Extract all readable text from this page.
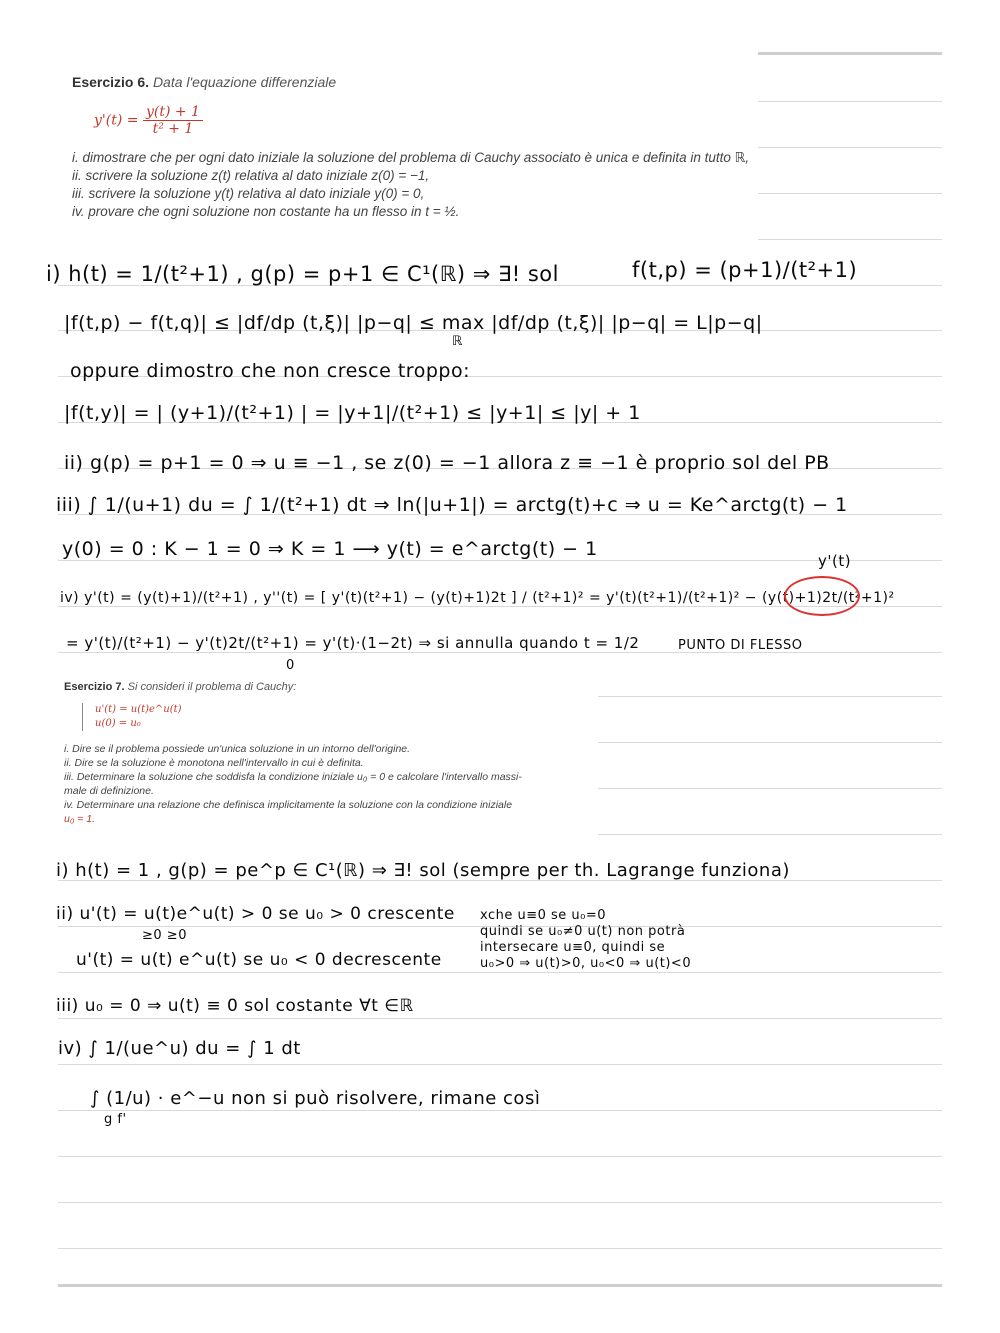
Esercizio 6. Data l'equazione differenziale
$y'(t) = \frac{y(t) + 1}{\text{t² + 1}}$

i. dimostrare che per ogni dato iniziale la soluzione del problema di Cauchy associato è unica e definita in tutto ℝ,

ii. scrivere la soluzione z(t) relativa al dato iniziale z(0) = −1,

iii. scrivere la soluzione y(t) relativa al dato iniziale y(0) = 0,

iv. provare che ogni soluzione non costante ha un flesso in t = ½.

i) h(t) = 1/(t²+1) , g(p) = p+1 ∈ C¹(ℝ) ⇒ ∃! sol	f(t,p) = (p+1)/(t²+1)
|f(t,p) − f(t,q)| ≤ |df/dp (t,ξ)| |p−q| ≤ max |df/dp (t,ξ)| |p−q| = L|p−q|
ℝ
oppure dimostro che non cresce troppo:
|f(t,y)| = | (y+1)/(t²+1) | = |y+1|/(t²+1) ≤ |y+1| ≤ |y| + 1
ii) g(p) = p+1 = 0 ⇒ u ≡ −1 , se z(0) = −1 allora z ≡ −1 è proprio sol del PB
iii) ∫ 1/(u+1) du = ∫ 1/(t²+1) dt ⇒ ln(|u+1|) = arctg(t)+c ⇒ u = Ke^arctg(t) − 1
y(0) = 0 : K − 1 = 0 ⇒ K = 1 ⟶ y(t) = e^arctg(t) − 1
y'(t)
iv) y'(t) = (y(t)+1)/(t²+1) , y''(t) = [ y'(t)(t²+1) − (y(t)+1)2t ] / (t²+1)² = y'(t)(t²+1)/(t²+1)² − (y(t)+1)2t/(t²+1)²
= y'(t)/(t²+1) − y'(t)2t/(t²+1) = y'(t)·(1−2t) ⇒ si annulla quando t = 1/2	PUNTO DI FLESSO
0
Esercizio 7. Si consideri il problema di Cauchy:
u'(t) = u(t)e^u(t)
u(0) = u₀

i. Dire se il problema possiede un'unica soluzione in un intorno dell'origine.

ii. Dire se la soluzione è monotona nell'intervallo in cui è definita.

iii. Determinare la soluzione che soddisfa la condizione iniziale u₀ = 0 e calcolare l'intervallo massi-

male di definizione.

iv. Determinare una relazione che definisca implicitamente la soluzione con la condizione iniziale

u₀ = 1.

i) h(t) = 1 , g(p) = pe^p ∈ C¹(ℝ) ⇒ ∃! sol (sempre per th. Lagrange funziona)
ii) u'(t) = u(t)e^u(t) > 0 se u₀ > 0 crescente
≥0 ≥0
u'(t) = u(t) e^u(t) se u₀ < 0 decrescente
xche u≡0 se u₀=0
quindi se u₀≠0 u(t) non potrà
intersecare u≡0, quindi se
u₀>0 ⇒ u(t)>0, u₀<0 ⇒ u(t)<0
iii) u₀ = 0 ⇒ u(t) ≡ 0 sol costante ∀t ∈ℝ
iv) ∫ 1/(ue^u) du = ∫ 1 dt
∫ (1/u) · e^−u non si può risolvere, rimane così
g f'
